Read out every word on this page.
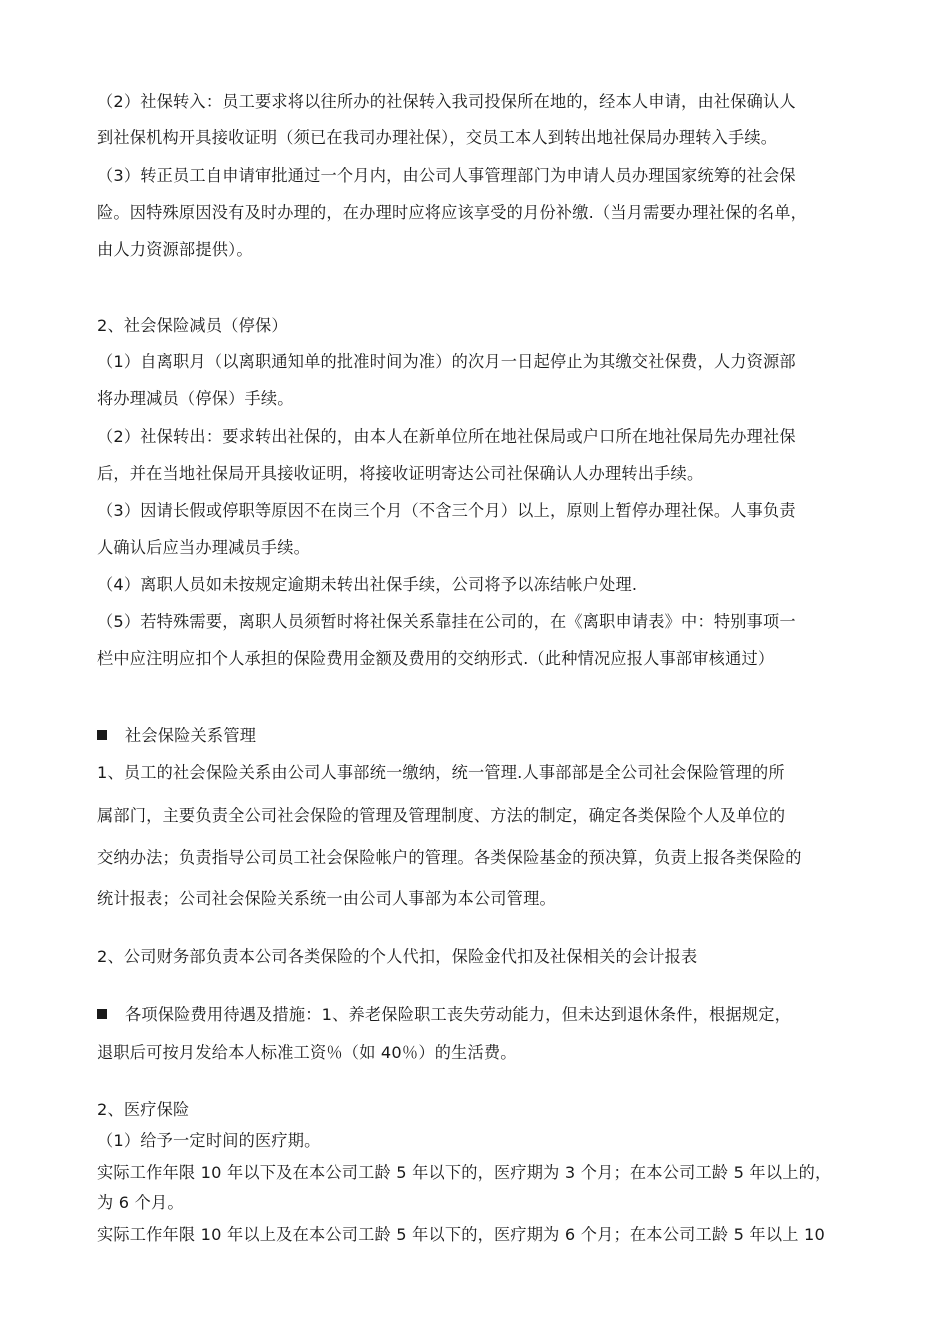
（2）社保转入：员工要求将以往所办的社保转入我司投保所在地的，经本人申请，由社保确认人
到社保机构开具接收证明（须已在我司办理社保），交员工本人到转出地社保局办理转入手续。
（3）转正员工自申请审批通过一个月内，由公司人事管理部门为申请人员办理国家统筹的社会保
险。因特殊原因没有及时办理的，在办理时应将应该享受的月份补缴.（当月需要办理社保的名单，
由人力资源部提供）。
2、社会保险减员（停保）
（1）自离职月（以离职通知单的批准时间为准）的次月一日起停止为其缴交社保费，人力资源部
将办理减员（停保）手续。
（2）社保转出：要求转出社保的，由本人在新单位所在地社保局或户口所在地社保局先办理社保
后，并在当地社保局开具接收证明，将接收证明寄达公司社保确认人办理转出手续。
（3）因请长假或停职等原因不在岗三个月（不含三个月）以上，原则上暂停办理社保。人事负责
人确认后应当办理减员手续。
（4）离职人员如未按规定逾期未转出社保手续，公司将予以冻结帐户处理.
（5）若特殊需要，离职人员须暂时将社保关系靠挂在公司的，在《离职申请表》中：特别事项一
栏中应注明应扣个人承担的保险费用金额及费用的交纳形式.（此种情况应报人事部审核通过）
社会保险关系管理
1、员工的社会保险关系由公司人事部统一缴纳，统一管理.人事部部是全公司社会保险管理的所
属部门，主要负责全公司社会保险的管理及管理制度、方法的制定，确定各类保险个人及单位的
交纳办法；负责指导公司员工社会保险帐户的管理。各类保险基金的预决算，负责上报各类保险的
统计报表；公司社会保险关系统一由公司人事部为本公司管理。
2、公司财务部负责本公司各类保险的个人代扣，保险金代扣及社保相关的会计报表
各项保险费用待遇及措施：1、养老保险职工丧失劳动能力，但未达到退休条件，根据规定，
退职后可按月发给本人标准工资％（如 40％）的生活费。
2、医疗保险
（1）给予一定时间的医疗期。
实际工作年限 10 年以下及在本公司工龄 5 年以下的，医疗期为 3 个月；在本公司工龄 5 年以上的，
为 6 个月。
实际工作年限 10 年以上及在本公司工龄 5 年以下的，医疗期为 6 个月；在本公司工龄 5 年以上 10
